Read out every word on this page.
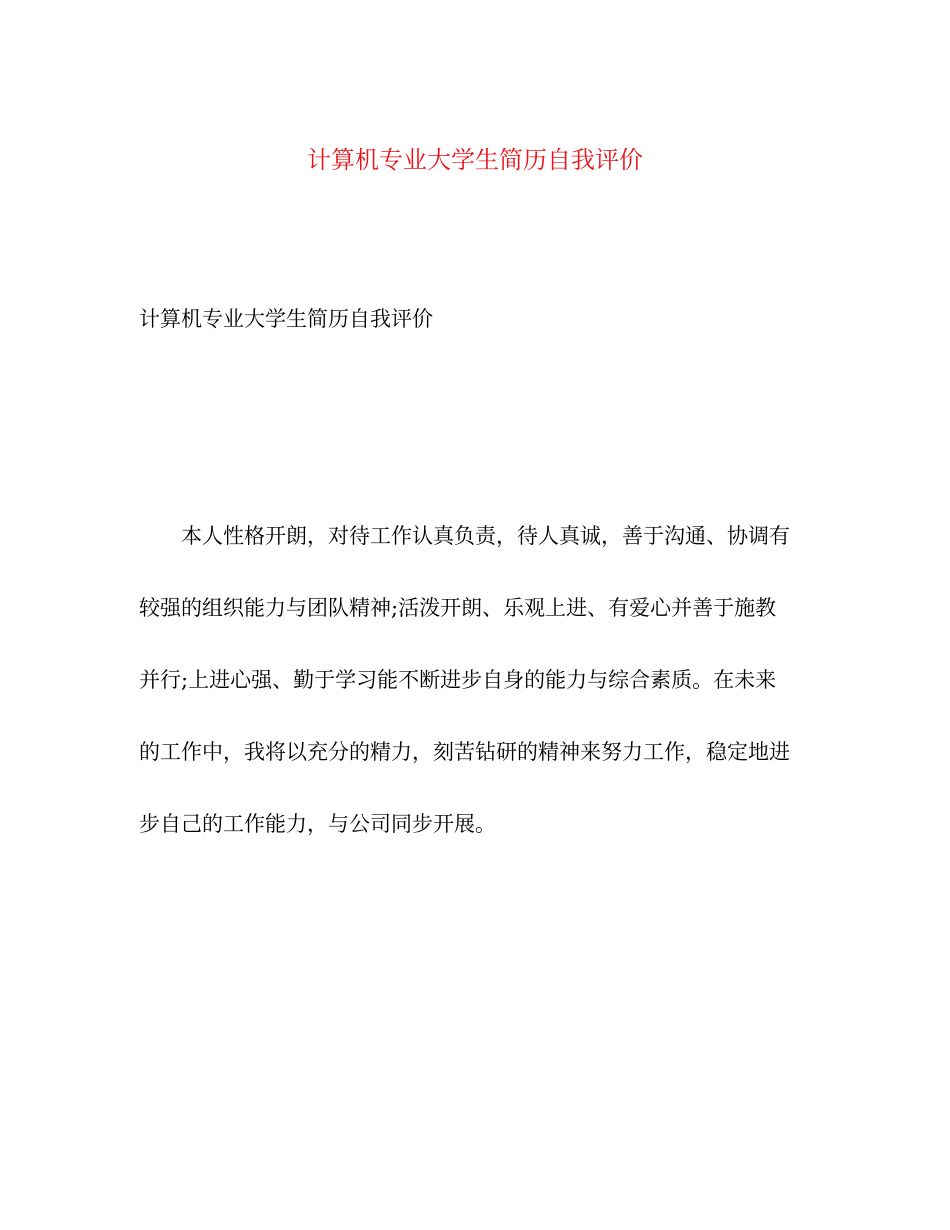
计算机专业大学生简历自我评价
计算机专业大学生简历自我评价
本人性格开朗，对待工作认真负责，待人真诚，善于沟通、协调有
较强的组织能力与团队精神;活泼开朗、乐观上进、有爱心并善于施教
并行;上进心强、勤于学习能不断进步自身的能力与综合素质。在未来
的工作中，我将以充分的精力，刻苦钻研的精神来努力工作，稳定地进
步自己的工作能力，与公司同步开展。
